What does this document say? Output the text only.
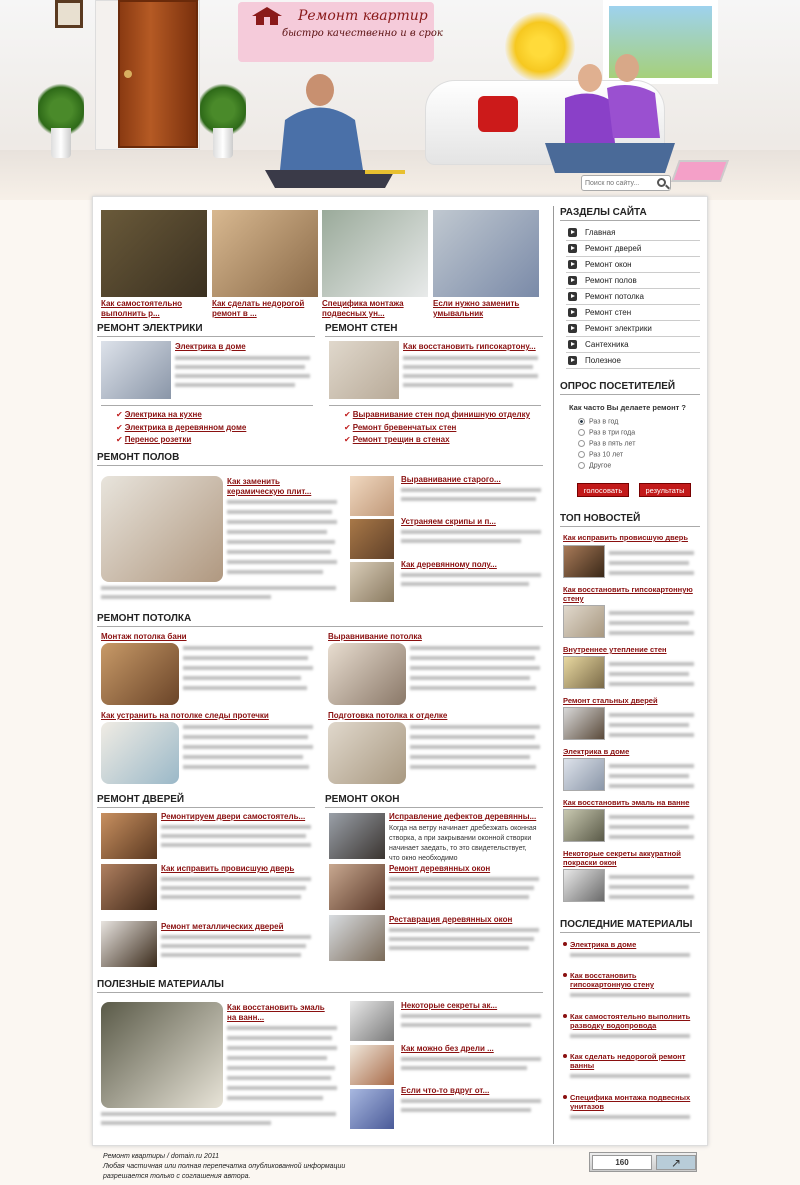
Ремонт квартир
быстро качественно и в срок
Поиск по сайту...
Как самостоятельно выполнить р...
Как сделать недорогой ремонт в ...
Специфика монтажа подвесных ун...
Если нужно заменить умывальник
РЕМОНТ ЭЛЕКТРИКИ
Электрика в доме
✔ Электрика на кухне
✔ Электрика в деревянном доме
✔ Перенос розетки
РЕМОНТ СТЕН
Как восстановить гипсокартону...
✔ Выравнивание стен под финишную отделку
✔ Ремонт бревенчатых стен
✔ Ремонт трещин в стенах
РЕМОНТ ПОЛОВ
Как заменить керамическую плит...
Выравнивание старого...
Устраняем скрипы и п...
Как деревянному полу...
РЕМОНТ ПОТОЛКА
Монтаж потолка бани	Выравнивание потолка
Как устранить на потолке следы протечки	Подготовка потолка к отделке
РЕМОНТ ДВЕРЕЙ
Ремонтируем двери самостоятель...
Как исправить провисшую дверь
Ремонт металлических дверей
РЕМОНТ ОКОН
Исправление дефектов деревянны...
Когда на ветру начинает дребезжать оконная створка, а при закрывании оконной створки начинает заедать, то это свидетельствует, что окно необходимо
Ремонт деревянных окон
Реставрация деревянных окон
ПОЛЕЗНЫЕ МАТЕРИАЛЫ
Как восстановить эмаль на ванн...
Некоторые секреты ак...
Как можно без дрели ...
Если что-то вдруг от...
РАЗДЕЛЫ САЙТА
Главная
Ремонт дверей
Ремонт окон
Ремонт полов
Ремонт потолка
Ремонт стен
Ремонт электрики
Сантехника
Полезное
ОПРОС ПОСЕТИТЕЛЕЙ
Как часто Вы делаете ремонт ?
Раз в год
Раз в три года
Раз в пять лет
Раз 10 лет
Другое
голосовать	результаты
ТОП НОВОСТЕЙ
Как исправить провисшую дверь
Как восстановить гипсокартонную стену
Внутреннее утепление стен
Ремонт стальных дверей
Электрика в доме
Как восстановить эмаль на ванне
Некоторые секреты аккуратной покраски окон
ПОСЛЕДНИЕ МАТЕРИАЛЫ
Электрика в доме
Как восстановить гипсокартонную стену
Как самостоятельно выполнить разводку водопровода
Как сделать недорогой ремонт ванны
Специфика монтажа подвесных унитазов
Ремонт квартиры / domain.ru 2011
Любая частичная или полная перепечатка опубликованной информации
разрешается только с соглашения автора.
160	↗
